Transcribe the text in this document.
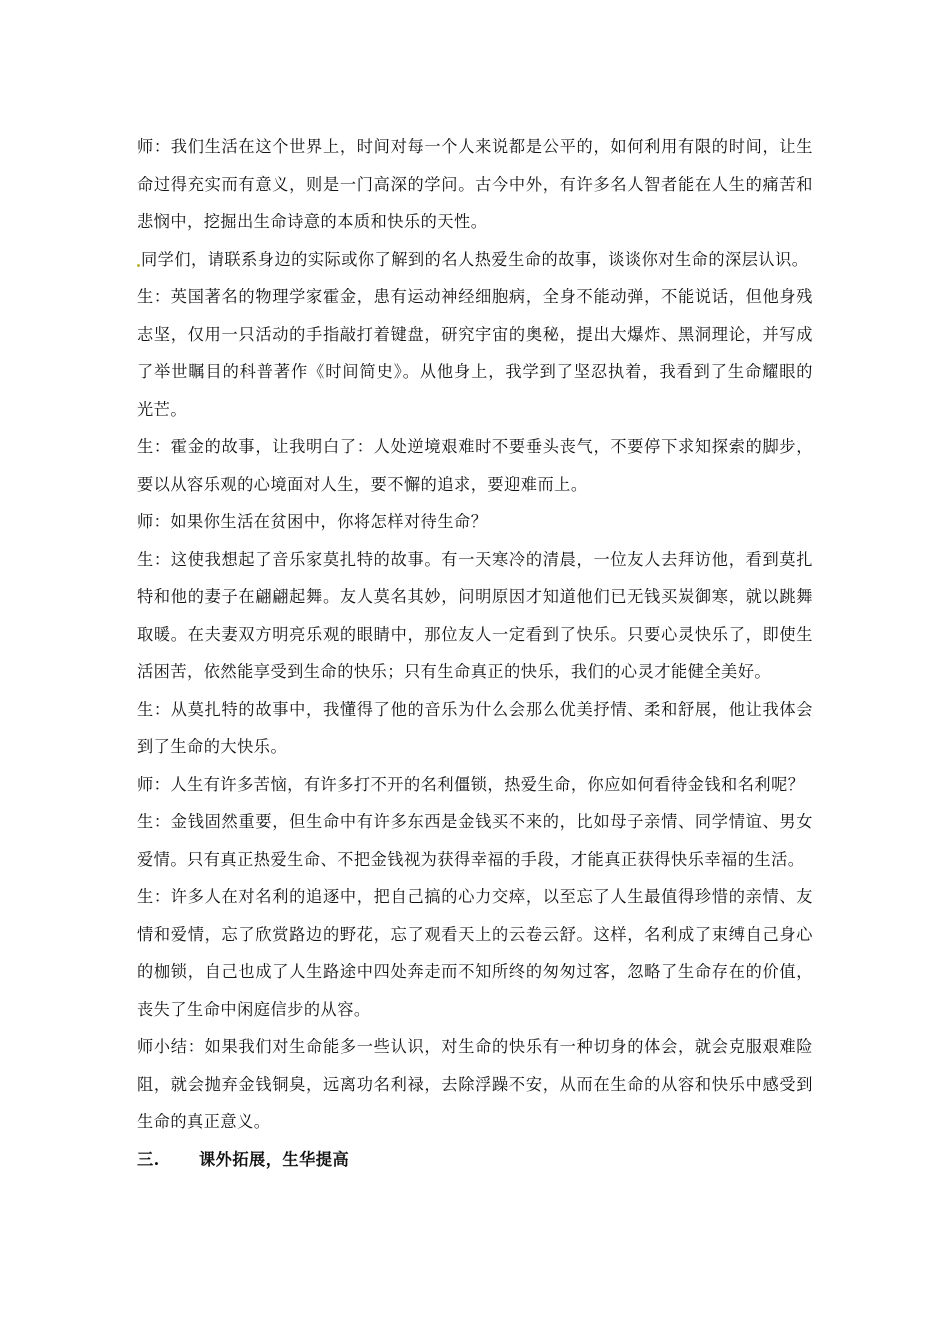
师：我们生活在这个世界上，时间对每一个人来说都是公平的，如何利用有限的时间，让生命过得充实而有意义，则是一门高深的学问。古今中外，有许多名人智者能在人生的痛苦和悲悯中，挖掘出生命诗意的本质和快乐的天性。

同学们，请联系身边的实际或你了解到的名人热爱生命的故事，谈谈你对生命的深层认识。

生：英国著名的物理学家霍金，患有运动神经细胞病，全身不能动弹，不能说话，但他身残志坚，仅用一只活动的手指敲打着键盘，研究宇宙的奥秘，提出大爆炸、黑洞理论，并写成了举世瞩目的科普著作《时间简史》。从他身上，我学到了坚忍执着，我看到了生命耀眼的光芒。

生：霍金的故事，让我明白了：人处逆境艰难时不要垂头丧气，不要停下求知探索的脚步，要以从容乐观的心境面对人生，要不懈的追求，要迎难而上。

师：如果你生活在贫困中，你将怎样对待生命？

生：这使我想起了音乐家莫扎特的故事。有一天寒冷的清晨，一位友人去拜访他，看到莫扎特和他的妻子在翩翩起舞。友人莫名其妙，问明原因才知道他们已无钱买炭御寒，就以跳舞取暖。在夫妻双方明亮乐观的眼睛中，那位友人一定看到了快乐。只要心灵快乐了，即使生活困苦，依然能享受到生命的快乐；只有生命真正的快乐，我们的心灵才能健全美好。

生：从莫扎特的故事中，我懂得了他的音乐为什么会那么优美抒情、柔和舒展，他让我体会到了生命的大快乐。

师：人生有许多苦恼，有许多打不开的名利僵锁，热爱生命，你应如何看待金钱和名利呢？

生：金钱固然重要，但生命中有许多东西是金钱买不来的，比如母子亲情、同学情谊、男女爱情。只有真正热爱生命、不把金钱视为获得幸福的手段，才能真正获得快乐幸福的生活。

生：许多人在对名利的追逐中，把自己搞的心力交瘁，以至忘了人生最值得珍惜的亲情、友情和爱情，忘了欣赏路边的野花，忘了观看天上的云卷云舒。这样，名利成了束缚自己身心的枷锁，自己也成了人生路途中四处奔走而不知所终的匆匆过客，忽略了生命存在的价值，丧失了生命中闲庭信步的从容。

师小结：如果我们对生命能多一些认识，对生命的快乐有一种切身的体会，就会克服艰难险阻，就会抛弃金钱铜臭，远离功名利禄，去除浮躁不安，从而在生命的从容和快乐中感受到生命的真正意义。

三.	课外拓展，生华提高
